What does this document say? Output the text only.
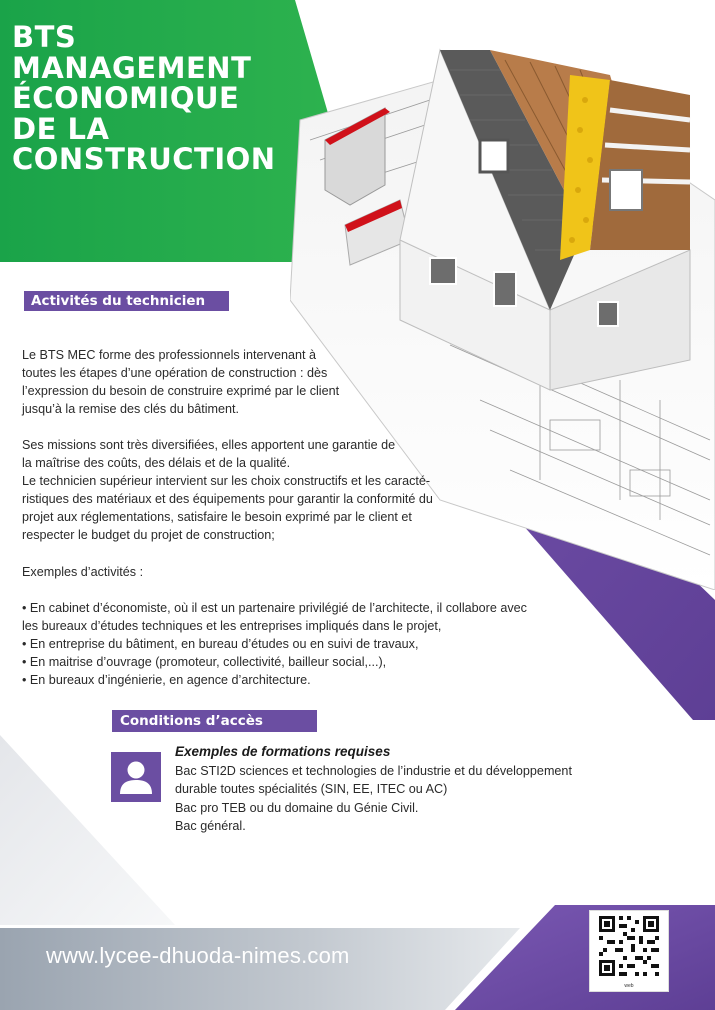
BTS
MANAGEMENT
ÉCONOMIQUE
DE LA
CONSTRUCTION
Activités du technicien MEC
Le BTS MEC forme des professionnels intervenant à
toutes les étapes d’une opération de construction : dès
l’expression du besoin de construire exprimé par le client
jusqu’à la remise des clés du bâtiment.
Ses missions sont très diversifiées, elles apportent une garantie de
la maîtrise des coûts, des délais et de la qualité.
Le technicien supérieur intervient sur les choix constructifs et les caracté-
ristiques des matériaux et des équipements pour garantir la conformité du
projet aux réglementations, satisfaire le besoin exprimé par le client et
respecter le budget du projet de construction;
Exemples d’activités :
• En cabinet d’économiste, où il est un partenaire privilégié de l’architecte, il collabore avec
les bureaux d’études techniques et les entreprises impliqués dans le projet,
• En entreprise du bâtiment, en bureau d’études ou en suivi de travaux,
• En maitrise d’ouvrage (promoteur, collectivité, bailleur social,...),
• En bureaux d’ingénierie, en agence d’architecture.
Conditions d’accès
Exemples de formations requises
Bac STI2D sciences et technologies de l’industrie et du développement
durable toutes spécialités (SIN, EE, ITEC ou AC)
Bac pro TEB ou du domaine du Génie Civil.
Bac général.
www.lycee-dhuoda-nimes.com
web
